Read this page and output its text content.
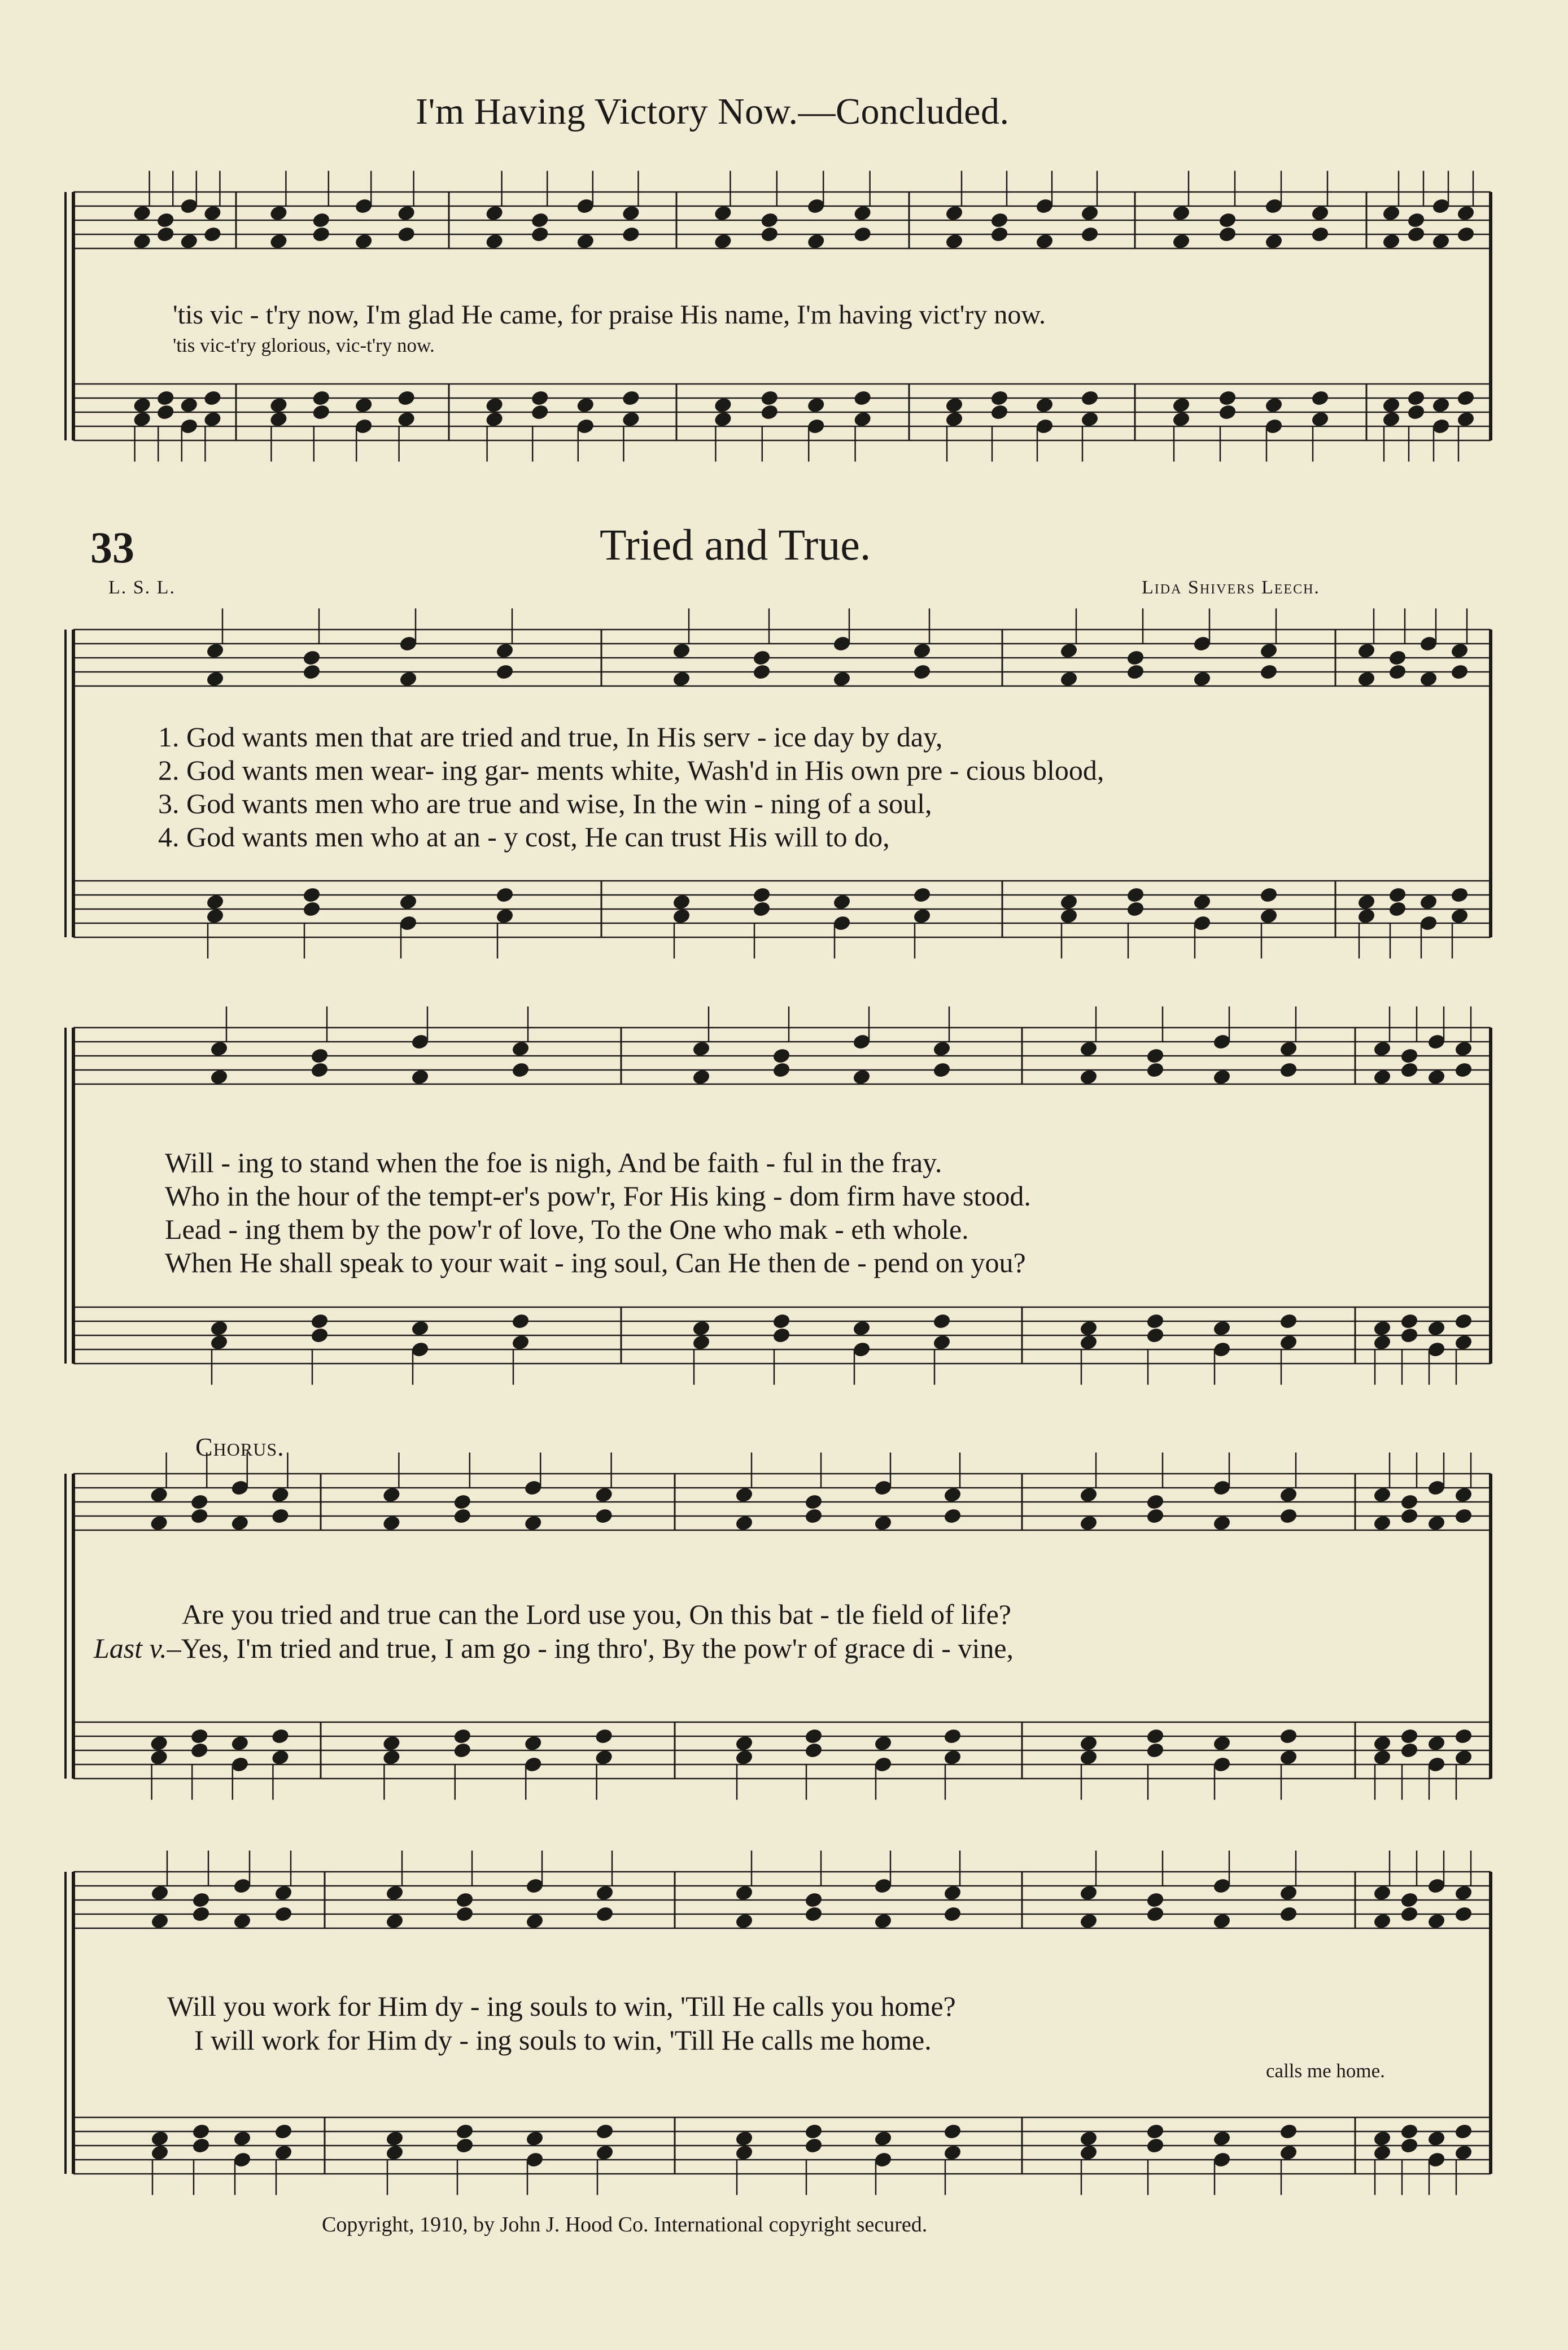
I'm Having Victory Now.—Concluded.
'tis vic - t'ry now, I'm glad He came, for praise His name, I'm having vict'ry now.
'tis vic-t'ry glorious, vic-t'ry now.
33	Tried and True.
L. S. L.	Lida Shivers Leech.
1. God wants men that are tried and true, In His serv - ice day by day,
2. God wants men wear- ing gar- ments white, Wash'd in His own pre - cious blood,
3. God wants men who are true and wise, In the win - ning of a soul,
4. God wants men who at an - y cost, He can trust His will to do,
Will - ing to stand when the foe is nigh, And be faith - ful in the fray.
Who in the hour of the tempt-er's pow'r, For His king - dom firm have stood.
Lead - ing them by the pow'r of love, To the One who mak - eth whole.
When He shall speak to your wait - ing soul, Can He then de - pend on you?
Chorus.
Are you tried and true can the Lord use you, On this bat - tle field of life?
Last v.–Yes, I'm tried and true, I am go - ing thro', By the pow'r of grace di - vine,
Will you work for Him dy - ing souls to win, 'Till He calls you home?
I will work for Him dy - ing souls to win, 'Till He calls me home.
calls me home.
Copyright, 1910, by John J. Hood Co. International copyright secured.
